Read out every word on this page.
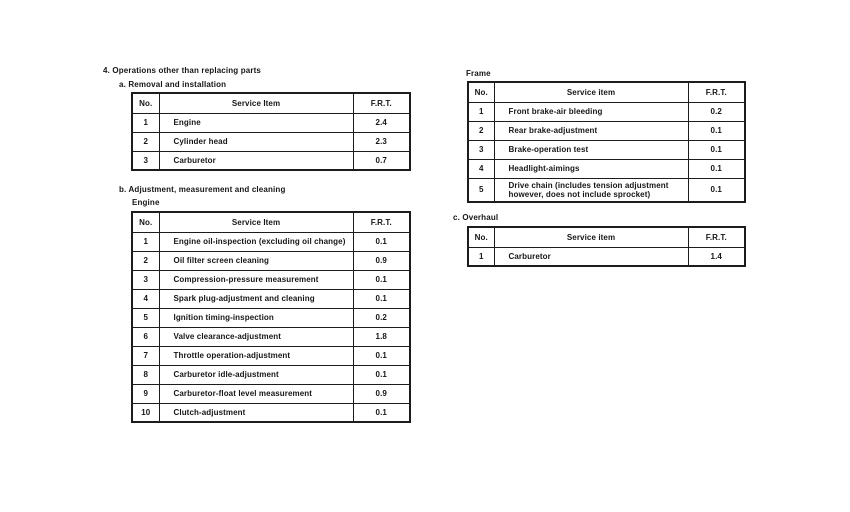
4. Operations other than replacing parts
a. Removal and installation
No.	Service Item	F.R.T.
1	Engine	2.4
2	Cylinder head	2.3
3	Carburetor	0.7
b. Adjustment, measurement and cleaning
Engine
No.	Service Item	F.R.T.
1	Engine oil-inspection (excluding oil change)	0.1
2	Oil filter screen cleaning	0.9
3	Compression-pressure measurement	0.1
4	Spark plug-adjustment and cleaning	0.1
5	Ignition timing-inspection	0.2
6	Valve clearance-adjustment	1.8
7	Throttle operation-adjustment	0.1
8	Carburetor idle-adjustment	0.1
9	Carburetor-float level measurement	0.9
10	Clutch-adjustment	0.1
Frame
No.	Service item	F.R.T.
1	Front brake-air bleeding	0.2
2	Rear brake-adjustment	0.1
3	Brake-operation test	0.1
4	Headlight-aimings	0.1
5	Drive chain (includes tension adjustment however, does not include sprocket)	0.1
c. Overhaul
No.	Service item	F.R.T.
1	Carburetor	1.4
